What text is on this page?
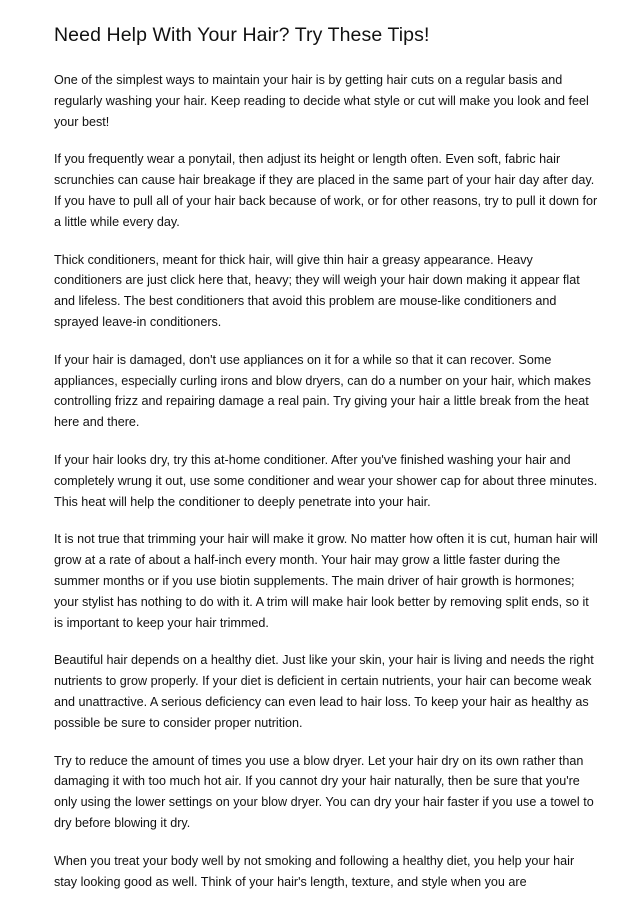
Need Help With Your Hair? Try These Tips!

One of the simplest ways to maintain your hair is by getting hair cuts on a regular basis and regularly washing your hair. Keep reading to decide what style or cut will make you look and feel your best!

If you frequently wear a ponytail, then adjust its height or length often. Even soft, fabric hair scrunchies can cause hair breakage if they are placed in the same part of your hair day after day. If you have to pull all of your hair back because of work, or for other reasons, try to pull it down for a little while every day.

Thick conditioners, meant for thick hair, will give thin hair a greasy appearance. Heavy conditioners are just click here that, heavy; they will weigh your hair down making it appear flat and lifeless. The best conditioners that avoid this problem are mouse-like conditioners and sprayed leave-in conditioners.

If your hair is damaged, don't use appliances on it for a while so that it can recover. Some appliances, especially curling irons and blow dryers, can do a number on your hair, which makes controlling frizz and repairing damage a real pain. Try giving your hair a little break from the heat here and there.

If your hair looks dry, try this at-home conditioner. After you've finished washing your hair and completely wrung it out, use some conditioner and wear your shower cap for about three minutes. This heat will help the conditioner to deeply penetrate into your hair.

It is not true that trimming your hair will make it grow. No matter how often it is cut, human hair will grow at a rate of about a half-inch every month. Your hair may grow a little faster during the summer months or if you use biotin supplements. The main driver of hair growth is hormones; your stylist has nothing to do with it. A trim will make hair look better by removing split ends, so it is important to keep your hair trimmed.

Beautiful hair depends on a healthy diet. Just like your skin, your hair is living and needs the right nutrients to grow properly. If your diet is deficient in certain nutrients, your hair can become weak and unattractive. A serious deficiency can even lead to hair loss. To keep your hair as healthy as possible be sure to consider proper nutrition.

Try to reduce the amount of times you use a blow dryer. Let your hair dry on its own rather than damaging it with too much hot air. If you cannot dry your hair naturally, then be sure that you're only using the lower settings on your blow dryer. You can dry your hair faster if you use a towel to dry before blowing it dry.

When you treat your body well by not smoking and following a healthy diet, you help your hair stay looking good as well. Think of your hair's length, texture, and style when you are
